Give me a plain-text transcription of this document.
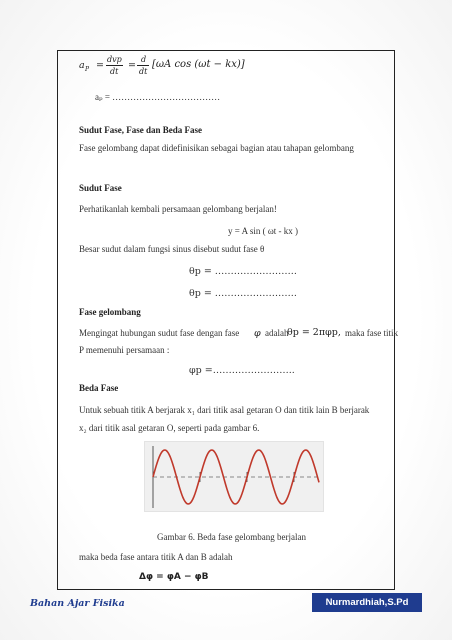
a P =
dvp
dt
=
d
dt
[ωA cos (ωt − kx)]
aₚ = ………………………………
Sudut Fase, Fase dan Beda Fase
Fase gelombang dapat didefinisikan sebagai bagian atau tahapan gelombang
Sudut Fase
Perhatikanlah kembali persamaan gelombang berjalan!
y = A sin ( ωt - kx )
Besar sudut dalam fungsi sinus disebut sudut fase θ
θp = ……………………..
θp = ……………………..
Fase gelombang
Mengingat hubungan sudut fase dengan fase φ adalah
θp = 2πφp, maka fase titik
P memenuhi persamaan :
φp =……………………..
Beda Fase
Untuk sebuah titik A berjarak x₁ dari titik asal getaran O dan titik lain B berjarak
x₂ dari titik asal getaran O, seperti pada gambar 6.
Gambar 6. Beda fase gelombang berjalan
maka beda fase antara titik A dan B adalah
Δφ = φA − φB
Bahan Ajar Fisika	Nurmardhiah,S.Pd
